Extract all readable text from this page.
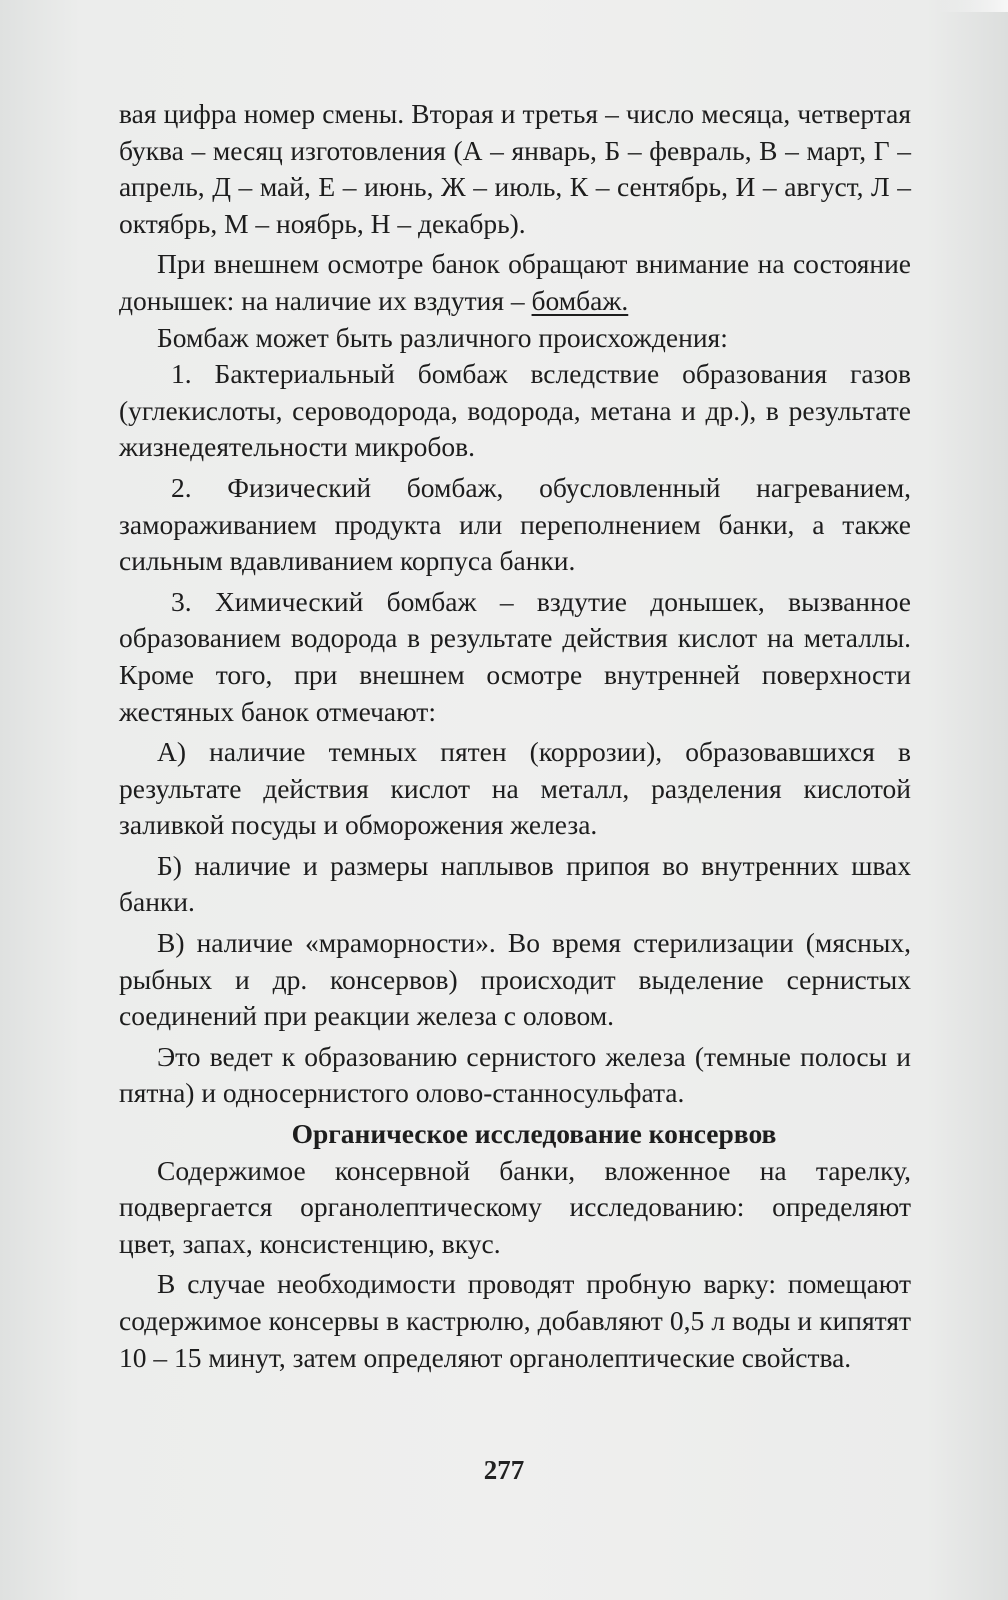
вая цифра номер смены. Вторая и третья – число месяца, четвертая буква – месяц изготовления (А – январь, Б – февраль, В – март, Г – апрель, Д – май, Е – июнь, Ж – июль, К – сентябрь, И – август, Л – октябрь, М – ноябрь, Н – декабрь).

При внешнем осмотре банок обращают внимание на состояние донышек: на наличие их вздутия – бомбаж.

Бомбаж может быть различного происхождения:

1. Бактериальный бомбаж вследствие образования газов (углекислоты, сероводорода, водорода, метана и др.), в результате жизнедеятельности микробов.

2. Физический бомбаж, обусловленный нагреванием, замораживанием продукта или переполнением банки, а также сильным вдавливанием корпуса банки.

3. Химический бомбаж – вздутие донышек, вызванное образованием водорода в результате действия кислот на металлы. Кроме того, при внешнем осмотре внутренней поверхности жестяных банок отмечают:

А) наличие темных пятен (коррозии), образовавшихся в результате действия кислот на металл, разделения кислотой заливкой посуды и обморожения железа.

Б) наличие и размеры наплывов припоя во внутренних швах банки.

В) наличие «мраморности». Во время стерилизации (мясных, рыбных и др. консервов) происходит выделение сернистых соединений при реакции железа с оловом.

Это ведет к образованию сернистого железа (темные полосы и пятна) и односернистого олово-станносульфата.

Органическое исследование консервов

Содержимое консервной банки, вложенное на тарелку, подвергается органолептическому исследованию: определяют цвет, запах, консистенцию, вкус.

В случае необходимости проводят пробную варку: помещают содержимое консервы в кастрюлю, добавляют 0,5 л воды и кипятят 10 – 15 минут, затем определяют органолептические свойства.

277
